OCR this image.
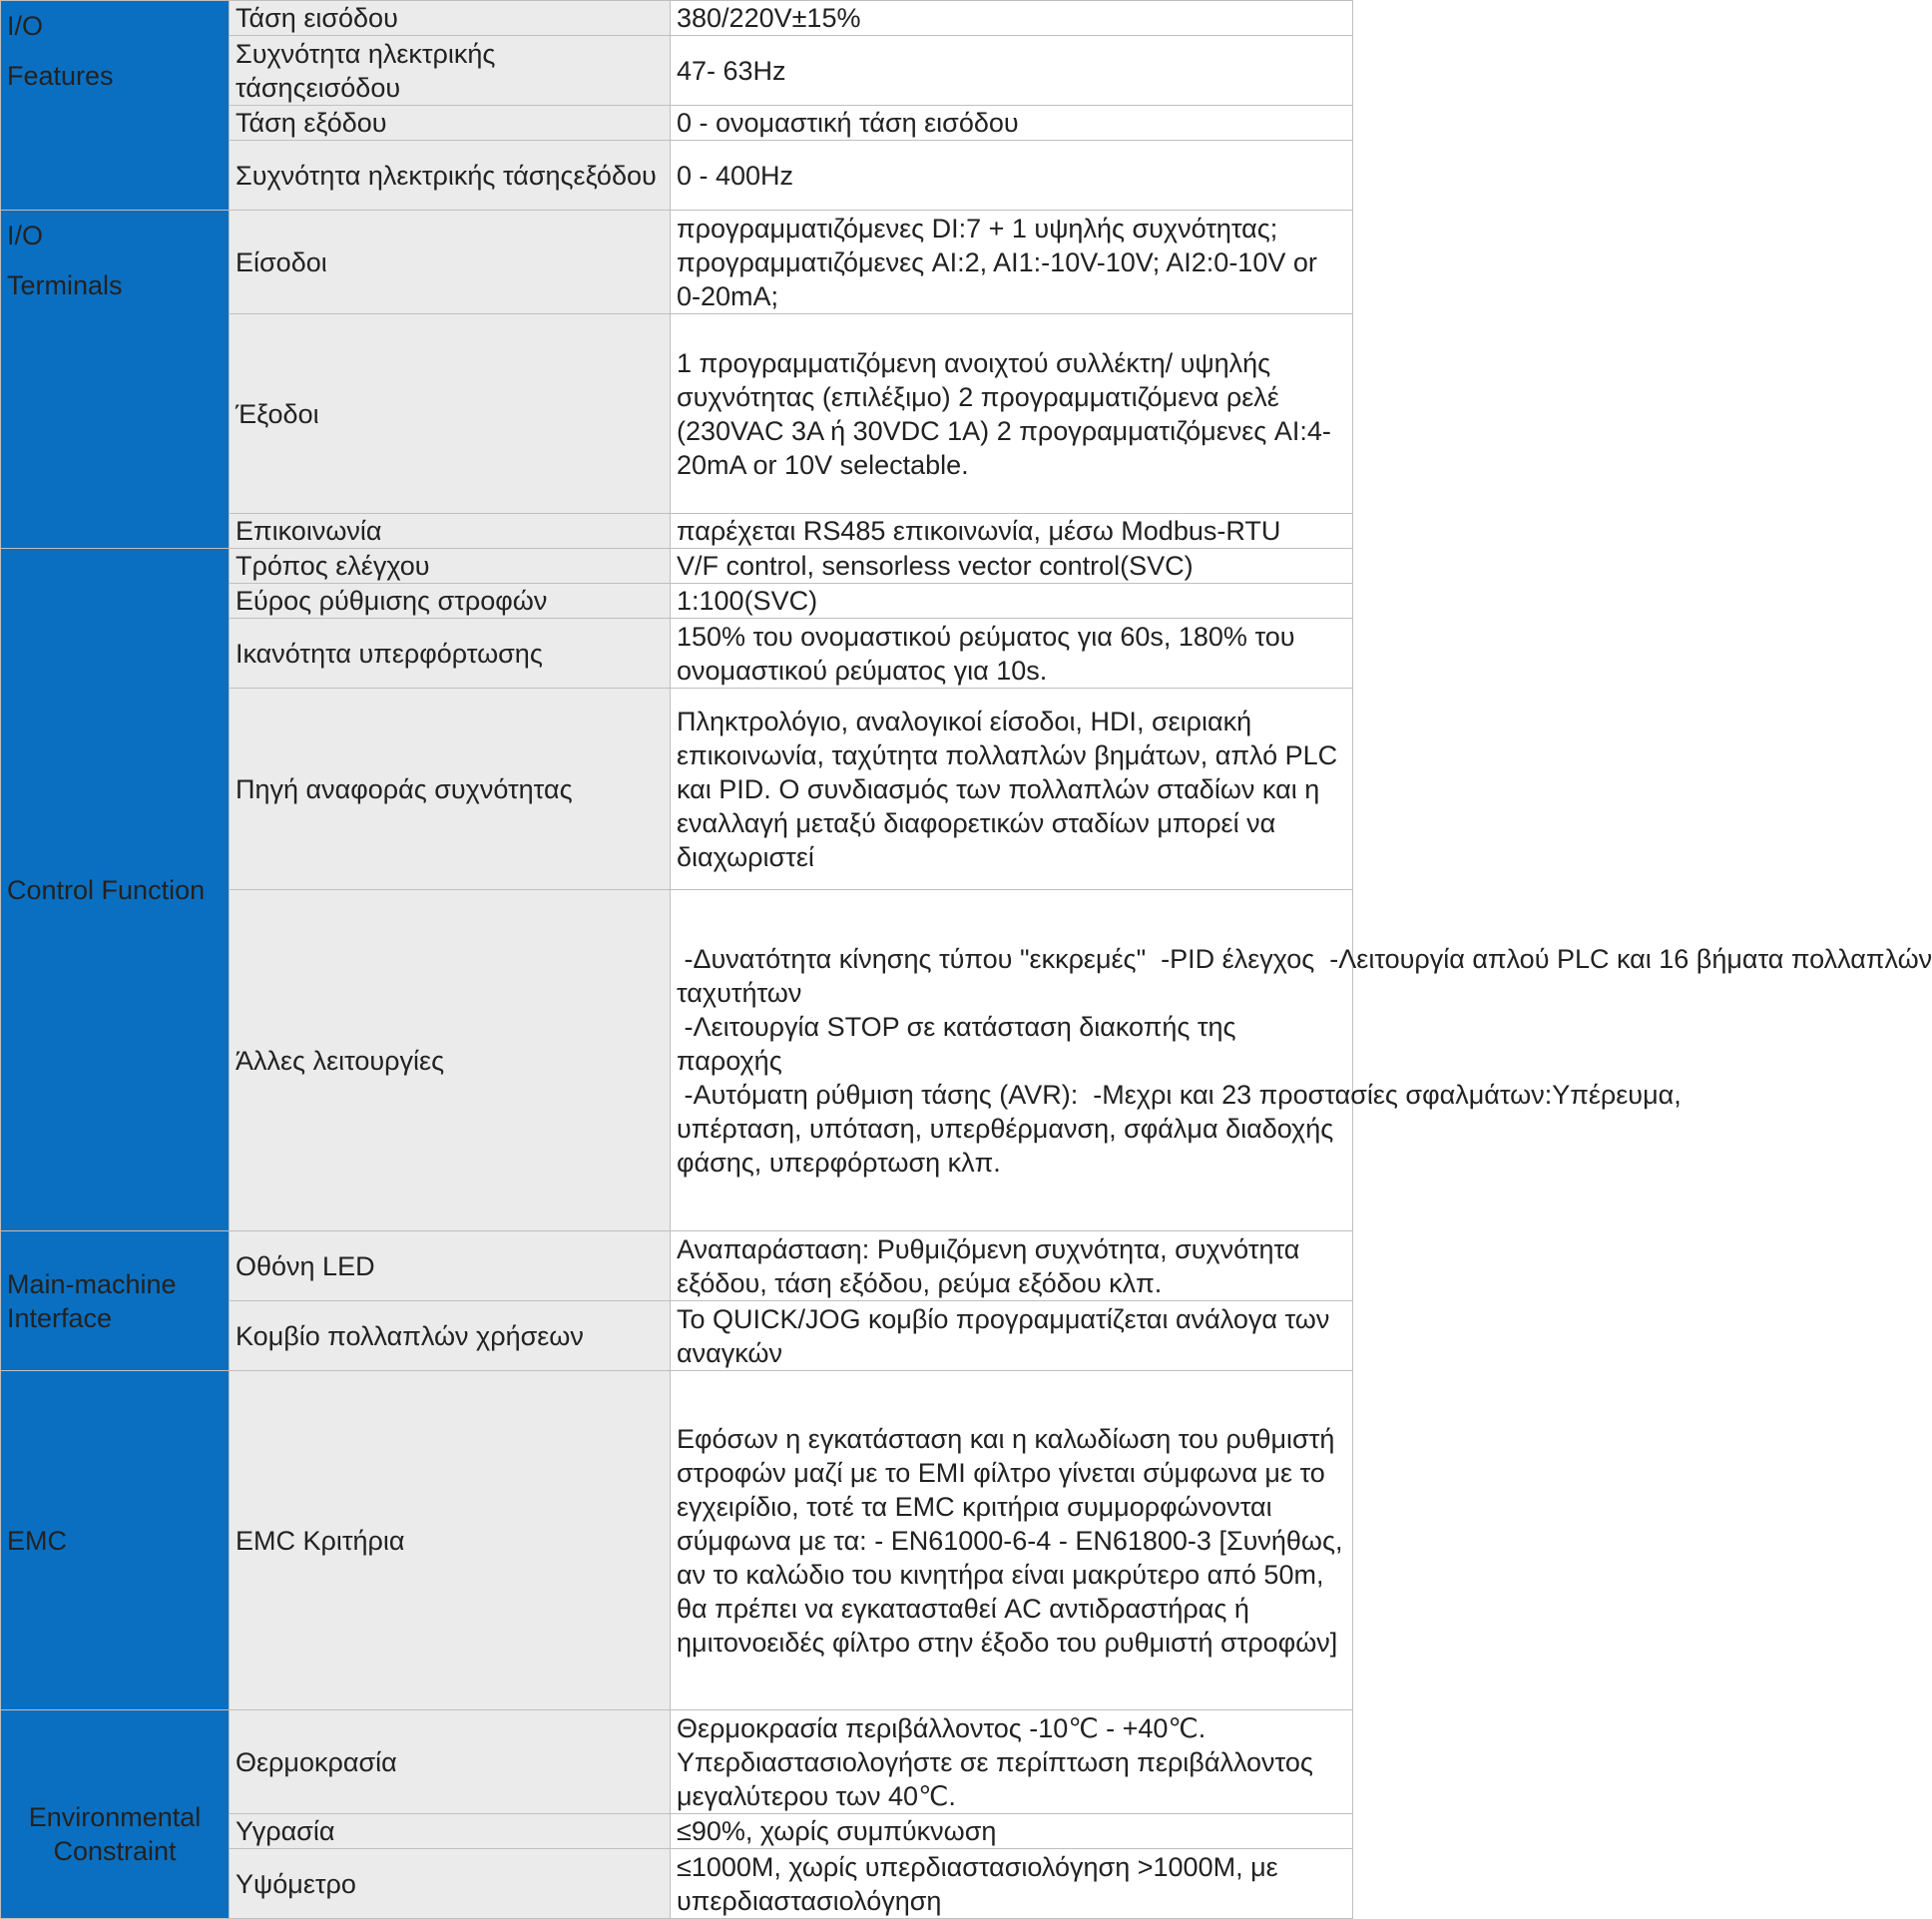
I/O
Features	Τάση εισόδου	380/220V±15%
	Συχνότητα ηλεκτρικής τάσηςεισόδου	47- 63Hz
	Τάση εξόδου	0 - ονομαστική τάση εισόδου
	Συχνότητα ηλεκτρικής τάσηςεξόδου	0 - 400Hz

I/O
Terminals	Είσοδοι	προγραμματιζόμενες DI:7 + 1 υψηλής συχνότητας; προγραμματιζόμενες AI:2, AI1:-10V-10V; AI2:0-10V or 0-20mA;
	Έξοδοι	1 προγραμματιζόμενη ανοιχτού συλλέκτη/ υψηλής συχνότητας (επιλέξιμο) 2 προγραμματιζόμενα ρελέ (230VAC 3A ή 30VDC 1A) 2 προγραμματιζόμενες AI:4-20mA or 10V selectable.
	Επικοινωνία	παρέχεται RS485 επικοινωνία, μέσω Modbus-RTU

Control Function	Τρόπος ελέγχου	V/F control, sensorless vector control(SVC)
	Εύρος ρύθμισης στροφών	1:100(SVC)
	Ικανότητα υπερφόρτωσης	150% του ονομαστικού ρεύματος για 60s, 180% του ονομαστικού ρεύματος για 10s.
	Πηγή αναφοράς συχνότητας	Πληκτρολόγιο, αναλογικοί είσοδοι, HDI, σειριακή επικοινωνία, ταχύτητα πολλαπλών βημάτων, απλό PLC και PID. Ο συνδιασμός των πολλαπλών σταδίων και η εναλλαγή μεταξύ διαφορετικών σταδίων μπορεί να διαχωριστεί
	Άλλες λειτουργίες	-Δυνατότητα κίνησης τύπου "εκκρεμές"  -PID έλεγχος  -Λειτουργία απλού PLC και 16 βήματα πολλαπλών ταχυτήτων  -Λειτουργία STOP σε κατάσταση διακοπής της παροχής  -Αυτόματη ρύθμιση τάσης (AVR):  -Μεχρι και 23 προστασίες σφαλμάτων:Υπέρευμα, υπέρταση, υπόταση, υπερθέρμανση, σφάλμα διαδοχής φάσης, υπερφόρτωση κλπ.

Main-machine
Interface	Οθόνη LED	Αναπαράσταση: Ρυθμιζόμενη συχνότητα, συχνότητα εξόδου, τάση εξόδου, ρεύμα εξόδου κλπ.
	Κομβίο πολλαπλών χρήσεων	Το QUICK/JOG κομβίο προγραμματίζεται ανάλογα των αναγκών

EMC	EMC Κριτήρια	Εφόσων η εγκατάσταση και η καλωδίωση του ρυθμιστή στροφών μαζί με το EMI φίλτρο γίνεται σύμφωνα με το εγχειρίδιο, τοτέ τα EMC κριτήρια συμμορφώνονται σύμφωνα με τα: - EN61000-6-4 - EN61800-3 [Συνήθως, αν το καλώδιο του κινητήρα είναι μακρύτερο από 50m, θα πρέπει να εγκατασταθεί AC αντιδραστήρας ή ημιτονοειδές φίλτρο στην έξοδο του ρυθμιστή στροφών]

Environmental
Constraint	Θερμοκρασία	Θερμοκρασία περιβάλλοντος -10℃ - +40℃. Υπερδιαστασιολογήστε σε περίπτωση περιβάλλοντος μεγαλύτερου των 40℃.
	Υγρασία	≤90%, χωρίς συμπύκνωση
	Υψόμετρο	≤1000M, χωρίς υπερδιαστασιολόγηση >1000M, με υπερδιαστασιολόγηση
